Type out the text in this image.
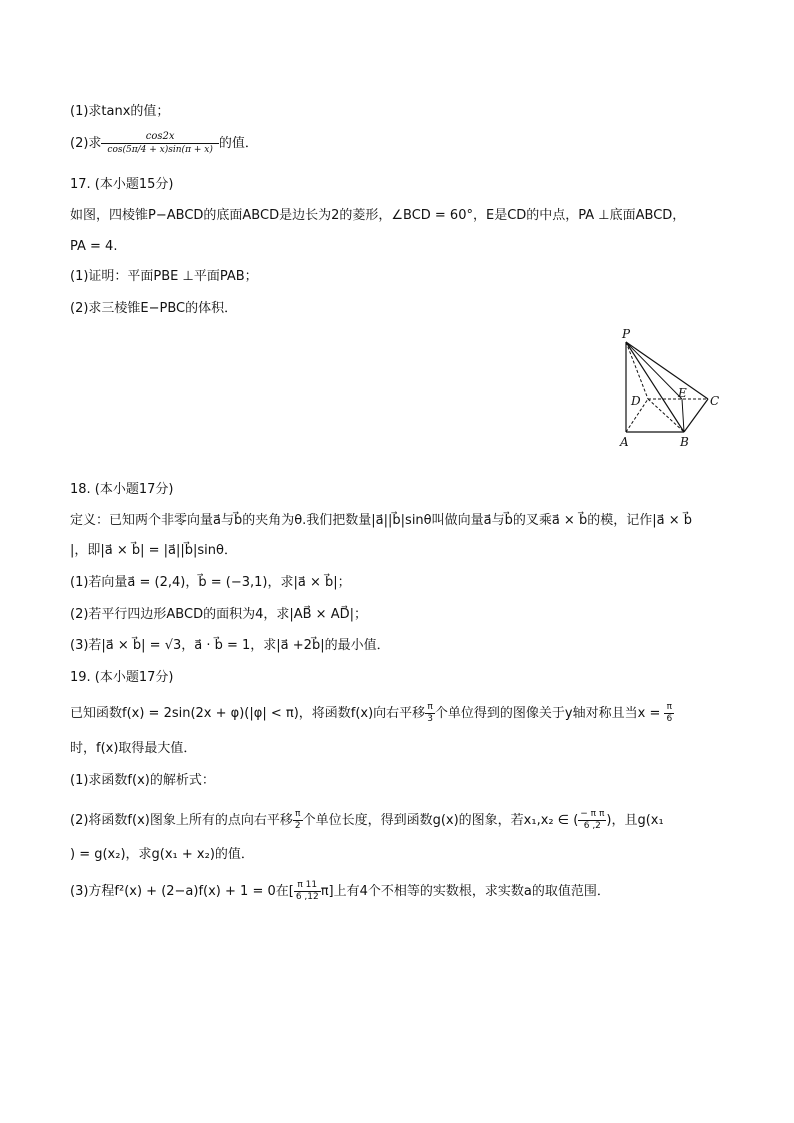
(1)求tanx的值；
(2)求 $\frac{\cos 2x}{\cos(5\pi/4 + x)\sin(\pi + x)}$ 的值．
17. (本小题15分)
如图，四棱锥P−ABCD的底面ABCD是边长为2的菱形，∠BCD = 60°，E是CD的中点，PA ⊥底面ABCD，
PA = 4.
(1)证明：平面PBE ⊥平面PAB；
(2)求三棱锥E−PBC的体积．
P
D
E
C
A	B
18. (本小题17分)
定义：已知两个非零向量a⃗与b⃗的夹角为θ.我们把数量|a⃗||b⃗|sinθ叫做向量a⃗与b⃗的叉乘a⃗ × b⃗的模，记作|a⃗ × b⃗
|，即|a⃗ × b⃗| = |a⃗||b⃗|sinθ．
(1)若向量a⃗ = (2,4)，b⃗ = (−3,1)，求|a⃗ × b⃗|；
(2)若平行四边形ABCD的面积为4，求|AB⃗ × AD⃗|；
(3)若|a⃗ × b⃗| = √3，a⃗ · b⃗ = 1，求|a⃗ +2b⃗|的最小值．
19. (本小题17分)
已知函数f(x) = 2sin(2x + φ)(|φ| < π)，将函数f(x)向右平移 $\frac{\pi}{3}$ 个单位得到的图像关于y轴对称且当$x = \frac{\pi}{6}$
时，f(x)取得最大值．
(1)求函数f(x)的解析式：
(2)将函数f(x)图象上所有的点向右平移 $\frac{\pi}{2}$ 个单位长度，得到函数g(x)的图象，若x₁,x₂ ∈ ( $\frac{\text{− π π}}{6 ,2}$ )，且g(x₁
) = g(x₂)，求g(x₁ + x₂)的值．
(3)方程f²(x) + (2−a)f(x) + 1 = 0在[ $\frac{\pi 11}{6 ,12} \pi$]上有4个不相等的实数根，求实数a的取值范围．
